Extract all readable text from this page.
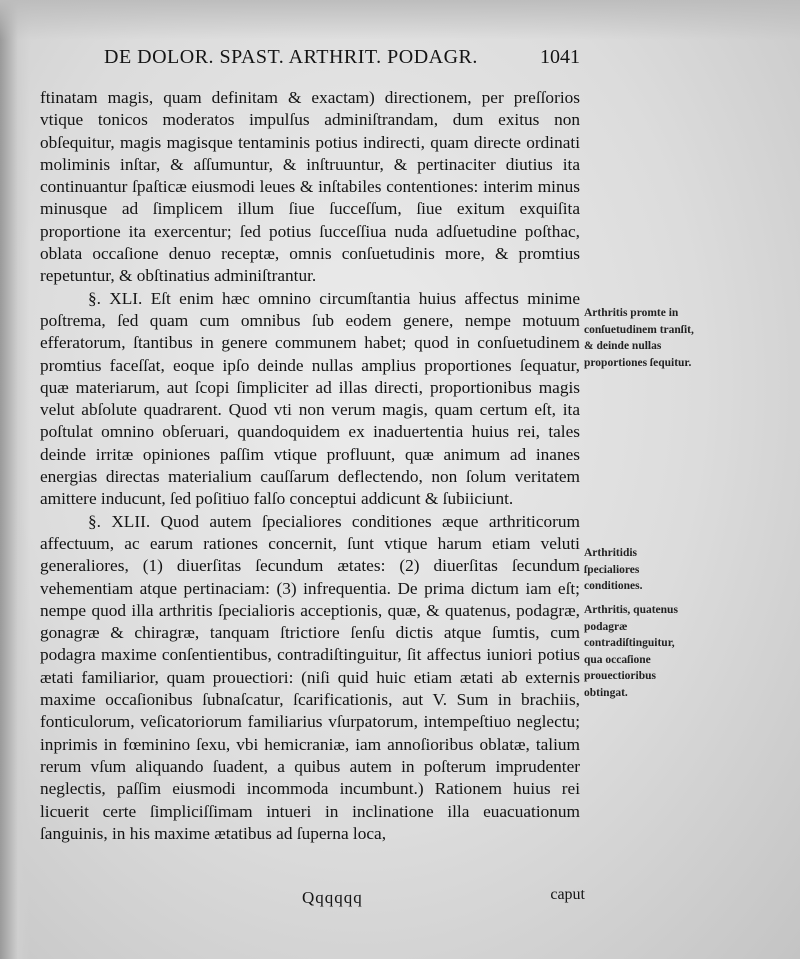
DE DOLOR. SPAST. ARTHRIT. PODAGR.	1041

ftinatam magis, quam definitam & exactam) directionem, per preſſorios vtique tonicos moderatos impulſus adminiſtrandam, dum exitus non obſequitur, magis magisque tentaminis potius indirecti, quam directe ordinati moliminis inſtar, & aſſumuntur, & inſtruuntur, & pertinaciter diutius ita continuantur ſpaſticæ eiusmodi leues & inſtabiles contentiones: interim minus minusque ad ſimplicem illum ſiue ſucceſſum, ſiue exitum exquiſita proportione ita exercentur; ſed potius ſucceſſiua nuda adſuetudine poſthac, oblata occaſione denuo receptæ, omnis conſuetudinis more, & promtius repetuntur, & obſtinatius adminiſtrantur.

§. XLI. Eſt enim hæc omnino circumſtantia huius affectus minime poſtrema, ſed quam cum omnibus ſub eodem genere, nempe motuum efferatorum, ſtantibus in genere communem habet; quod in conſuetudinem promtius faceſſat, eoque ipſo deinde nullas amplius proportiones ſequatur, quæ materiarum, aut ſcopi ſimpliciter ad illas directi, proportionibus magis velut abſolute quadrarent. Quod vti non verum magis, quam certum eſt, ita poſtulat omnino obſeruari, quandoquidem ex inaduertentia huius rei, tales deinde irritæ opiniones paſſim vtique profluunt, quæ animum ad inanes energias directas materialium cauſſarum deflectendo, non ſolum veritatem amittere inducunt, ſed poſitiuo falſo conceptui addicunt & ſubiiciunt.

§. XLII. Quod autem ſpecialiores conditiones æque arthriticorum affectuum, ac earum rationes concernit, ſunt vtique harum etiam veluti generaliores, (1) diuerſitas ſecundum ætates: (2) diuerſitas ſecundum vehementiam atque pertinaciam: (3) infrequentia. De prima dictum iam eſt; nempe quod illa arthritis ſpecialioris acceptionis, quæ, & quatenus, podagræ, gonagræ & chiragræ, tanquam ſtrictiore ſenſu dictis atque ſumtis, cum podagra maxime conſentientibus, contradiſtinguitur, ſit affectus iuniori potius ætati familiarior, quam prouectiori: (niſi quid huic etiam ætati ab externis maxime occaſionibus ſubnaſcatur, ſcarificationis, aut V. Sum in brachiis, fonticulorum, veſicatoriorum familiarius vſurpatorum, intempeſtiuo neglectu; inprimis in fœminino ſexu, vbi hemicraniæ, iam annoſioribus oblatæ, talium rerum vſum aliquando ſuadent, a quibus autem in poſterum imprudenter neglectis, paſſim eiusmodi incommoda incumbunt.) Rationem huius rei licuerit certe ſimpliciſſimam intueri in inclinatione illa euacuationum ſanguinis, in his maxime ætatibus ad ſuperna loca,

Arthritis promte in conſuetudinem tranſit, & deinde nullas proportiones ſequitur.
Arthritidis ſpecialiores conditiones.
Arthritis, quatenus podagræ contradiſtinguitur, qua occaſione prouectioribus obtingat.
Qqqqqq	caput
